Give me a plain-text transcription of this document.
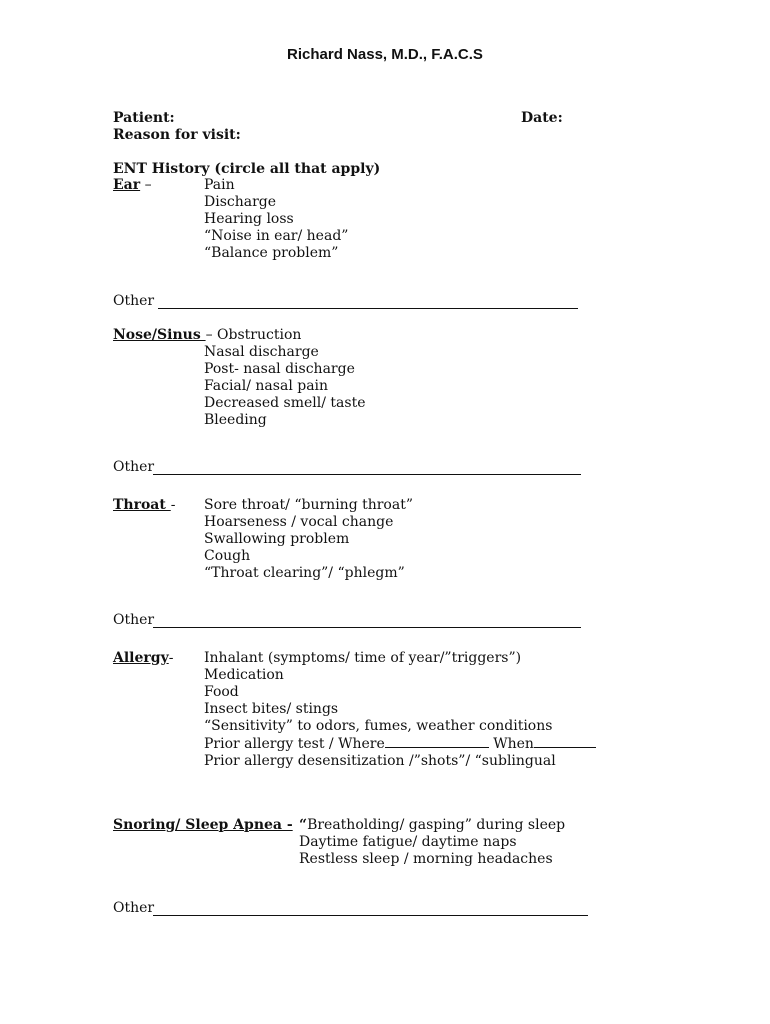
Richard Nass, M.D., F.A.C.S
Patient:	Date:
Reason for visit:
ENT History (circle all that apply)
Ear –	Pain
Discharge
Hearing loss
“Noise in ear/ head”
“Balance problem”
Other
Nose/Sinus – Obstruction
Nasal discharge
Post- nasal discharge
Facial/ nasal pain
Decreased smell/ taste
Bleeding
Other
Throat - Sore throat/ “burning throat”
Hoarseness / vocal change
Swallowing problem
Cough
“Throat clearing”/ “phlegm”
Other
Allergy- Inhalant (symptoms/ time of year/”triggers”)
Medication
Food
Insect bites/ stings
“Sensitivity” to odors, fumes, weather conditions
Prior allergy test / Where	When
Prior allergy desensitization /”shots”/ “sublingual
Snoring/ Sleep Apnea - “Breatholding/ gasping” during sleep
Daytime fatigue/ daytime naps
Restless sleep / morning headaches
Other
